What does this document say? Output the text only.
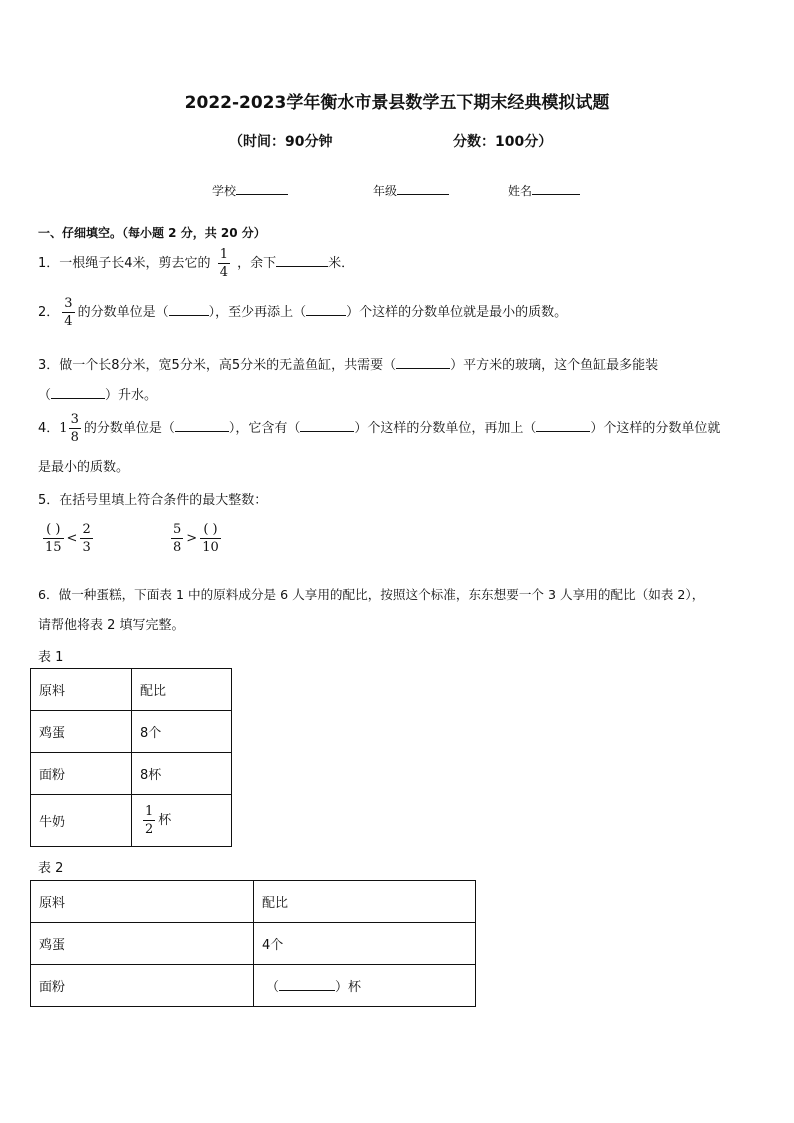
2022-2023学年衡水市景县数学五下期末经典模拟试题
（时间：90分钟	分数：100分）
学校	年级	姓名
一、仔细填空。（每小题 2 分，共 20 分）
1．一根绳子长4米，剪去它的 $\frac{1}{4}$ ，余下	米．
2． $\frac{3}{4}$ 的分数单位是（	），至少再添上（	）个这样的分数单位就是最小的质数。
3．做一个长8分米，宽5分米，高5分米的无盖鱼缸，共需要（	）平方米的玻璃，这个鱼缸最多能装
（	）升水。
4．$1 \frac{3}{8}$ 的分数单位是（	），它含有（	）个这样的分数单位，再加上（	）个这样的分数单位就
是最小的质数。
5．在括号里填上符合条件的最大整数：
$\frac{( )}{15} < \frac{2}{3}$	$\frac{5}{8} > \frac{( )}{10}$
6．做一种蛋糕，下面表 1 中的原料成分是 6 人享用的配比，按照这个标准，东东想要一个 3 人享用的配比（如表 2），
请帮他将表 2 填写完整。
表 1
原料	配比
鸡蛋	8个
面粉	8杯
牛奶	$\frac{1}{2}$ 杯
表 2
原料	配比
鸡蛋	4个
面粉	（ ）杯
